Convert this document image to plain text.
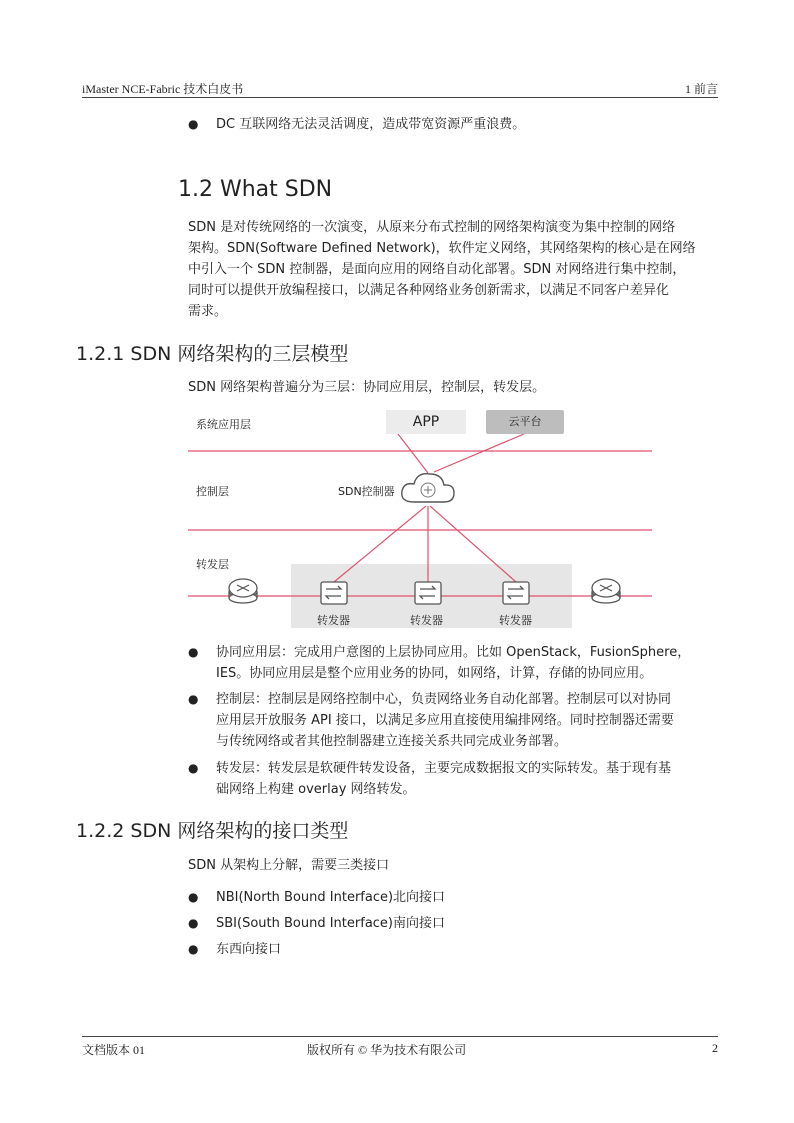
iMaster NCE-Fabric 技术白皮书	1 前言
● DC 互联网络无法灵活调度，造成带宽资源严重浪费。
1.2 What SDN
SDN 是对传统网络的一次演变，从原来分布式控制的网络架构演变为集中控制的网络
架构。SDN(Software Defined Network)，软件定义网络，其网络架构的核心是在网络
中引入一个 SDN 控制器，是面向应用的网络自动化部署。SDN 对网络进行集中控制，
同时可以提供开放编程接口，以满足各种网络业务创新需求，以满足不同客户差异化
需求。
1.2.1 SDN 网络架构的三层模型
SDN 网络架构普遍分为三层：协同应用层，控制层，转发层。
系统应用层
控制层
转发层
APP	云平台
SDN控制器
转发器	转发器	转发器
● 协同应用层：完成用户意图的上层协同应用。比如 OpenStack，FusionSphere，
IES。协同应用层是整个应用业务的协同，如网络，计算，存储的协同应用。
● 控制层：控制层是网络控制中心，负责网络业务自动化部署。控制层可以对协同
应用层开放服务 API 接口，以满足多应用直接使用编排网络。同时控制器还需要
与传统网络或者其他控制器建立连接关系共同完成业务部署。
● 转发层：转发层是软硬件转发设备，主要完成数据报文的实际转发。基于现有基
础网络上构建 overlay 网络转发。
1.2.2 SDN 网络架构的接口类型
SDN 从架构上分解，需要三类接口
● NBI(North Bound Interface)北向接口
● SBI(South Bound Interface)南向接口
● 东西向接口
文档版本 01	版权所有 © 华为技术有限公司	2
